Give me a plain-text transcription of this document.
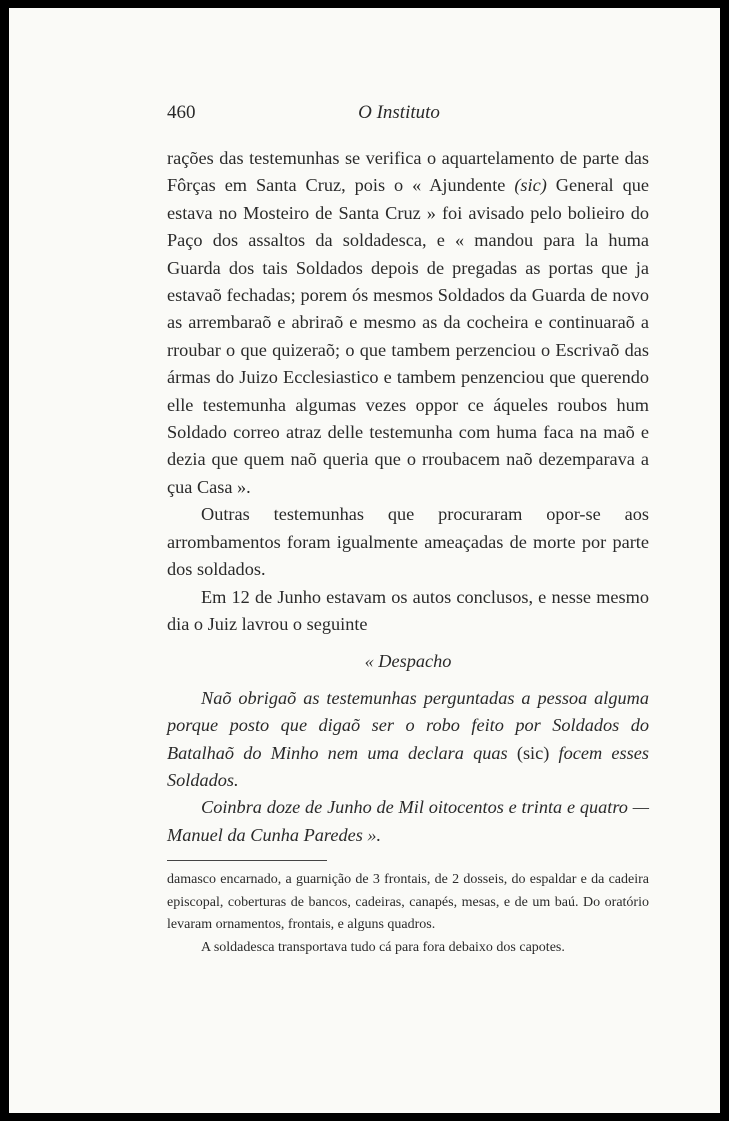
460	O Instituto

rações das testemunhas se verifica o aquartelamento de parte das Fôrças em Santa Cruz, pois o « Ajundente (sic) General que estava no Mosteiro de Santa Cruz » foi avisado pelo bolieiro do Paço dos assaltos da soldadesca, e « mandou para la huma Guarda dos tais Soldados depois de pregadas as portas que ja estavaõ fechadas; porem ós mesmos Soldados da Guarda de novo as arrembaraõ e abriraõ e mesmo as da cocheira e continuaraõ a rroubar o que quizeraõ; o que tambem perzenciou o Escrivaõ das ármas do Juizo Ecclesiastico e tambem penzenciou que querendo elle testemunha algumas vezes oppor ce áqueles roubos hum Soldado correo atraz delle testemunha com huma faca na maõ e dezia que quem naõ queria que o rroubacem naõ dezemparava a çua Casa ».

Outras testemunhas que procuraram opor-se aos arrombamentos foram igualmente ameaçadas de morte por parte dos soldados.

Em 12 de Junho estavam os autos conclusos, e nesse mesmo dia o Juiz lavrou o seguinte

« Despacho

Naõ obrigaõ as testemunhas perguntadas a pessoa alguma porque posto que digaõ ser o robo feito por Soldados do Batalhaõ do Minho nem uma declara quas (sic) focem esses Soldados.

Coinbra doze de Junho de Mil oitocentos e trinta e quatro — Manuel da Cunha Paredes ».

damasco encarnado, a guarnição de 3 frontais, de 2 dosseis, do espaldar e da cadeira episcopal, coberturas de bancos, cadeiras, canapés, mesas, e de um baú. Do oratório levaram ornamentos, frontais, e alguns quadros.

A soldadesca transportava tudo cá para fora debaixo dos capotes.
